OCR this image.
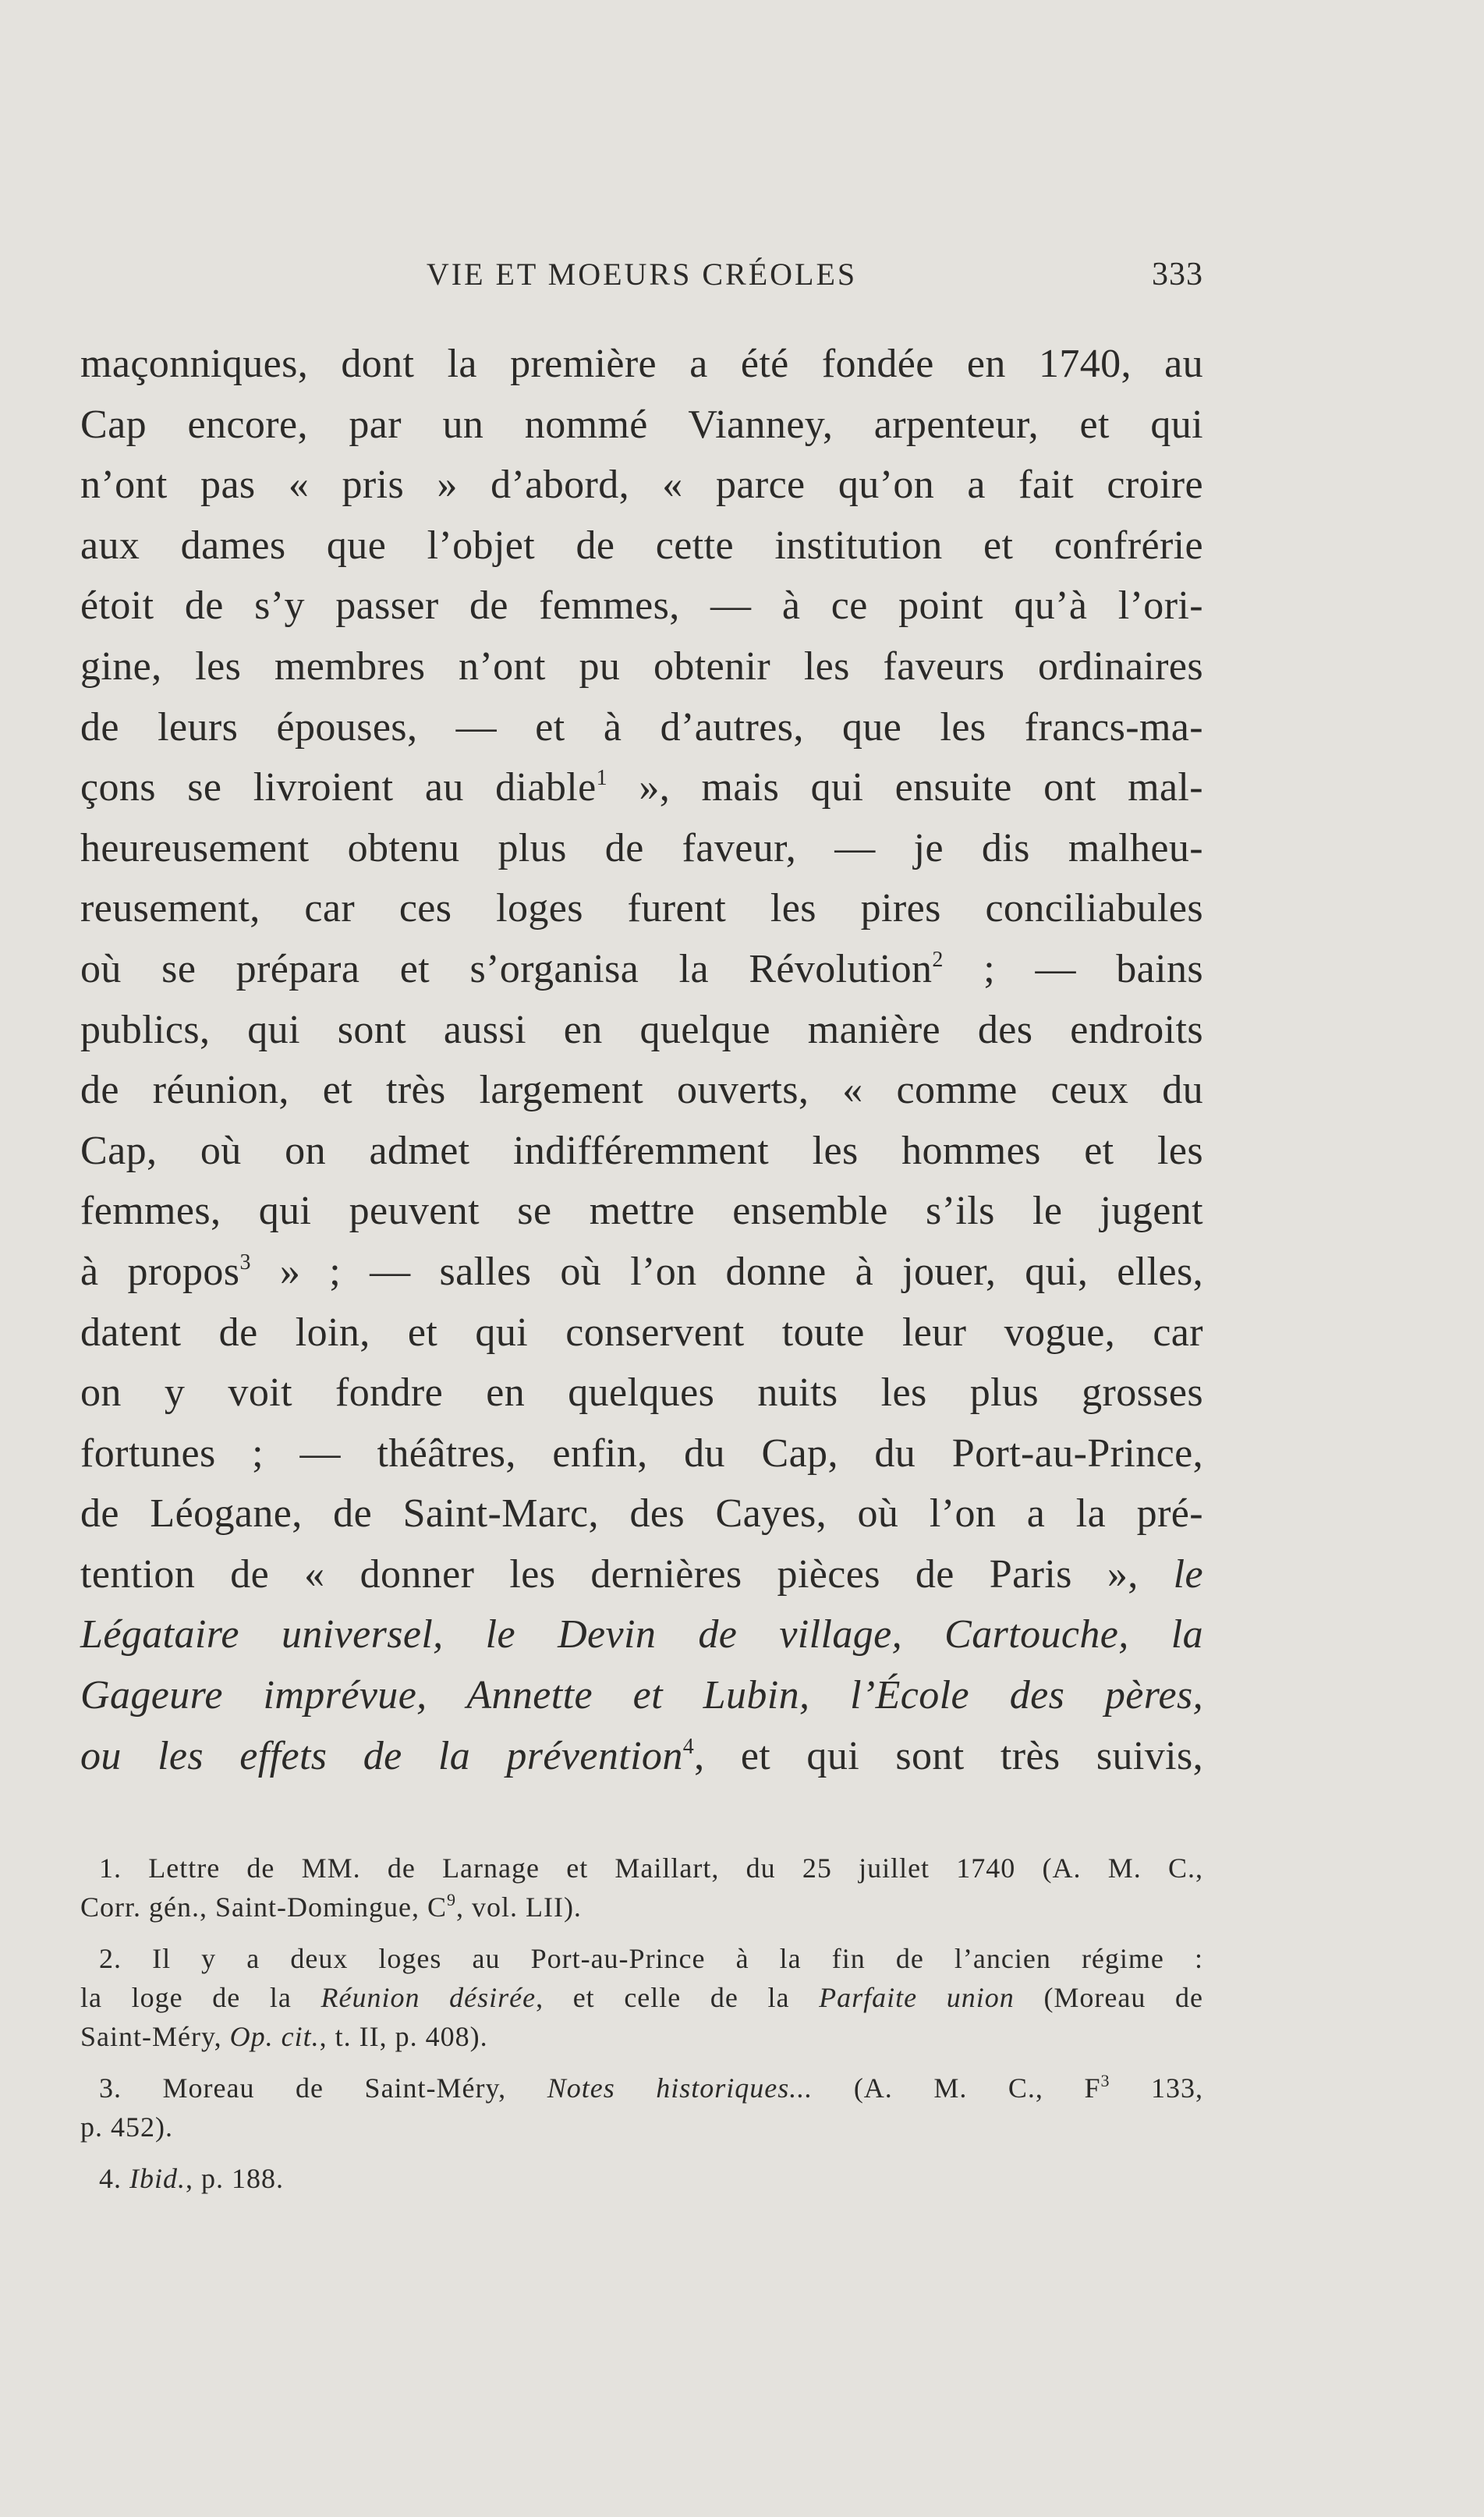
VIE ET MOEURS CRÉOLES	333
maçonniques, dont la première a été fondée en 1740, au
Cap encore, par un nommé Vianney, arpenteur, et qui
n’ont pas « pris » d’abord, « parce qu’on a fait croire
aux dames que l’objet de cette institution et confrérie
étoit de s’y passer de femmes, — à ce point qu’à l’ori-
gine, les membres n’ont pu obtenir les faveurs ordinaires
de leurs épouses, — et à d’autres, que les francs-ma-
çons se livroient au diable$^1$ », mais qui ensuite ont mal-
heureusement obtenu plus de faveur, — je dis malheu-
reusement, car ces loges furent les pires conciliabules
où se prépara et s’organisa la Révolution$^2$ ; — bains
publics, qui sont aussi en quelque manière des endroits
de réunion, et très largement ouverts, « comme ceux du
Cap, où on admet indifféremment les hommes et les
femmes, qui peuvent se mettre ensemble s’ils le jugent
à propos$^3$ » ; — salles où l’on donne à jouer, qui, elles,
datent de loin, et qui conservent toute leur vogue, car
on y voit fondre en quelques nuits les plus grosses
fortunes ; — théâtres, enfin, du Cap, du Port-au-Prince,
de Léogane, de Saint-Marc, des Cayes, où l’on a la pré-
tention de « donner les dernières pièces de Paris », le
Légataire universel, le Devin de village, Cartouche, la
Gageure imprévue, Annette et Lubin, l’École des pères,
ou les effets de la prévention$^4$, et qui sont très suivis,
1. Lettre de MM. de Larnage et Maillart, du 25 juillet 1740 (A. M. C.,
Corr. gén., Saint-Domingue, $C^9$, vol. LII).
2. Il y a deux loges au Port-au-Prince à la fin de l’ancien régime :
la loge de la Réunion désirée, et celle de la Parfaite union (Moreau de
Saint-Méry, Op. cit., t. II, p. 408).
3. Moreau de Saint-Méry, Notes historiques... (A. M. C., $F^3$ 133,
p. 452).
4. Ibid., p. 188.
